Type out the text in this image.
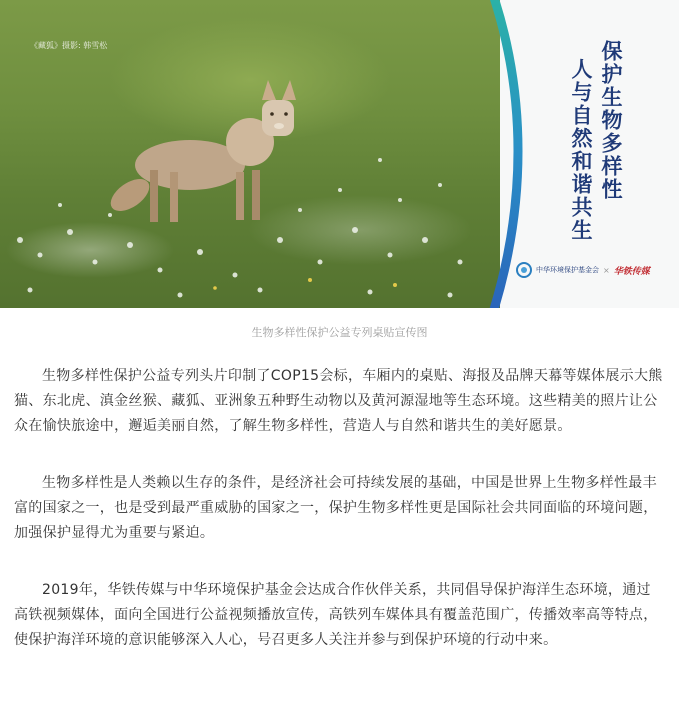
《藏狐》摄影: 韩雪松	保护生物多样性
人与自然和谐共生
中华环境保护基金会 × 华铁传媒
生物多样性保护公益专列桌贴宣传图

生物多样性保护公益专列头片印制了COP15会标，车厢内的桌贴、海报及品牌天幕等媒体展示大熊猫、东北虎、滇金丝猴、藏狐、亚洲象五种野生动物以及黄河源湿地等生态环境。这些精美的照片让公众在愉快旅途中，邂逅美丽自然，了解生物多样性，营造人与自然和谐共生的美好愿景。

生物多样性是人类赖以生存的条件，是经济社会可持续发展的基础，中国是世界上生物多样性最丰富的国家之一，也是受到最严重威胁的国家之一，保护生物多样性更是国际社会共同面临的环境问题，加强保护显得尤为重要与紧迫。

2019年，华铁传媒与中华环境保护基金会达成合作伙伴关系，共同倡导保护海洋生态环境，通过高铁视频媒体，面向全国进行公益视频播放宣传，高铁列车媒体具有覆盖范围广，传播效率高等特点，使保护海洋环境的意识能够深入人心，号召更多人关注并参与到保护环境的行动中来。
